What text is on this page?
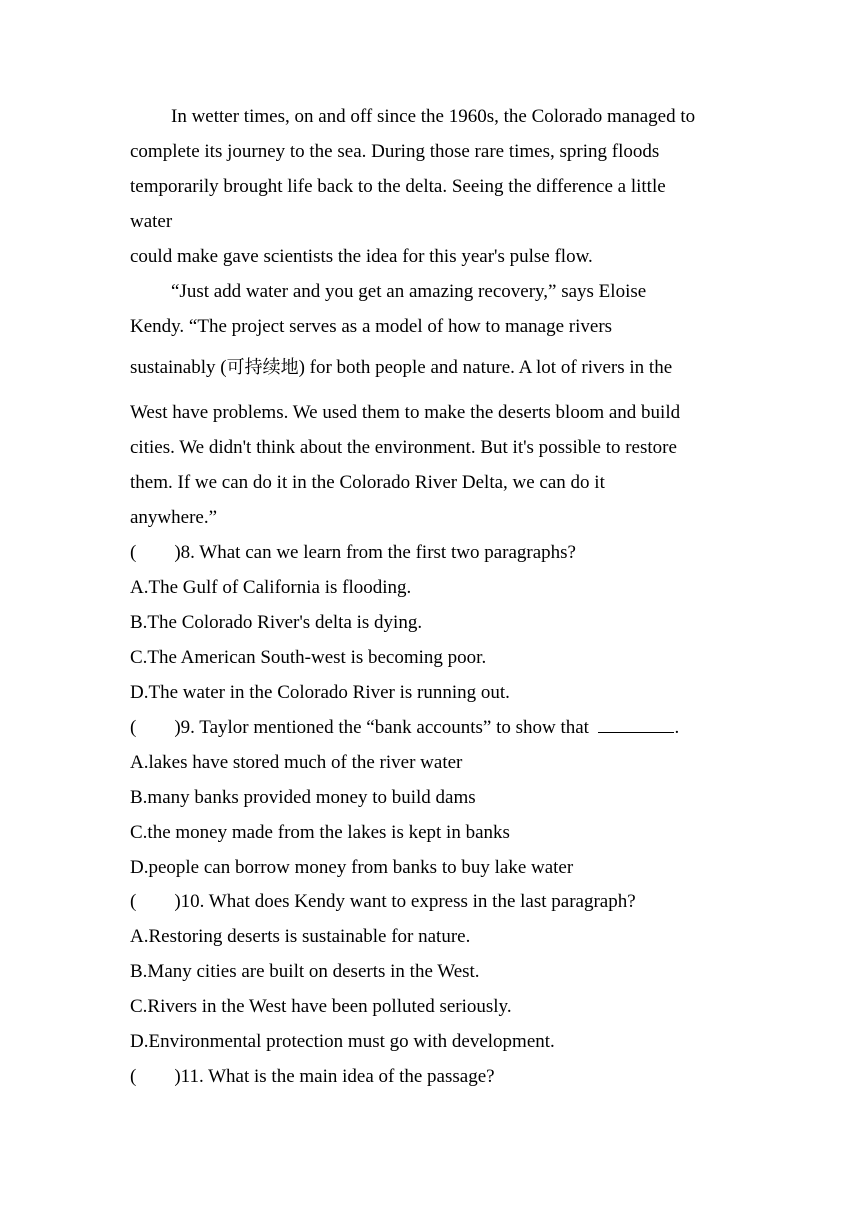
In wetter times, on and off since the 1960s, the Colorado managed to
complete its journey to the sea. During those rare times, spring floods
temporarily brought life back to the delta. Seeing the difference a little
water
could make gave scientists the idea for this year's pulse flow.
“Just add water and you get an amazing recovery,” says Eloise
Kendy. “The project serves as a model of how to manage rivers
sustainably (可持续地) for both people and nature. A lot of rivers in the
West have problems. We used them to make the deserts bloom and build
cities. We didn't think about the environment. But it's possible to restore
them. If we can do it in the Colorado River Delta, we can do it
anywhere.”
( )8. What can we learn from the first two paragraphs?
A.The Gulf of California is flooding.
B.The Colorado River's delta is dying.
C.The American South-west is becoming poor.
D.The water in the Colorado River is running out.
( )9. Taylor mentioned the “bank accounts” to show that	.
A.lakes have stored much of the river water
B.many banks provided money to build dams
C.the money made from the lakes is kept in banks
D.people can borrow money from banks to buy lake water
( )10. What does Kendy want to express in the last paragraph?
A.Restoring deserts is sustainable for nature.
B.Many cities are built on deserts in the West.
C.Rivers in the West have been polluted seriously.
D.Environmental protection must go with development.
( )11. What is the main idea of the passage?
